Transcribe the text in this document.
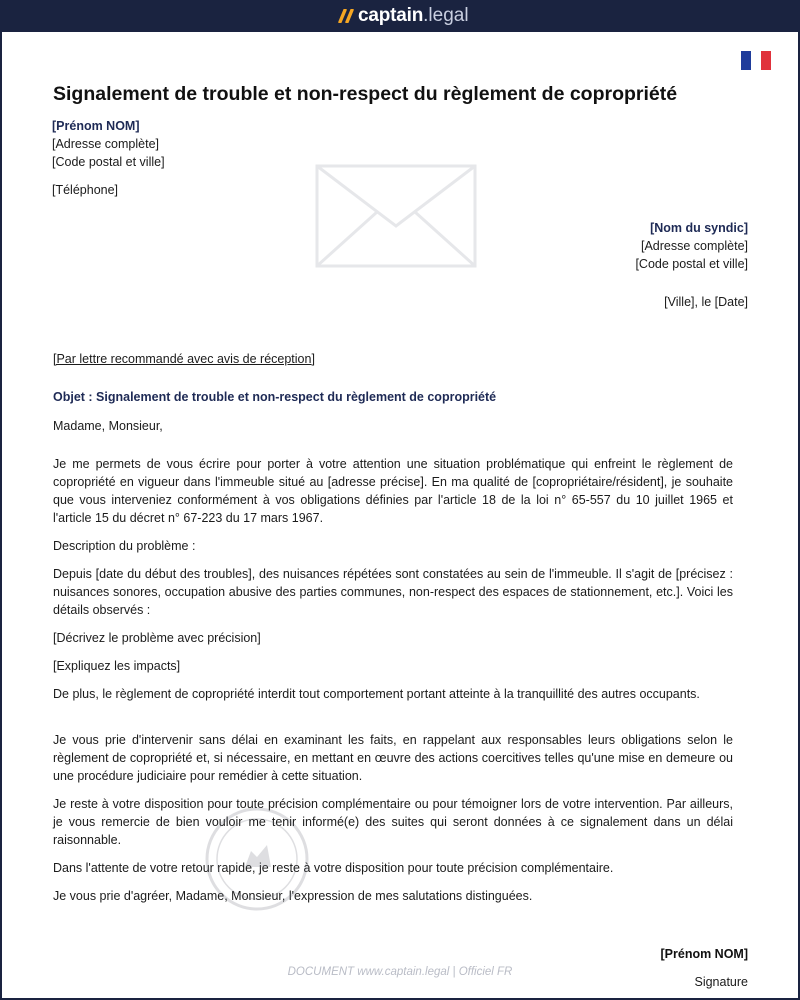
captain .legal
Signalement de trouble et non-respect du règlement de copropriété
[Prénom NOM]
[Adresse complète]
[Code postal et ville]
[Téléphone]
[Nom du syndic]
[Adresse complète]
[Code postal et ville]
[Ville], le [Date]
[Par lettre recommandé avec avis de réception]
Objet : Signalement de trouble et non-respect du règlement de copropriété
Madame, Monsieur,

Je me permets de vous écrire pour porter à votre attention une situation problématique qui enfreint le règlement de copropriété en vigueur dans l'immeuble situé au [adresse précise]. En ma qualité de [copropriétaire/résident], je souhaite que vous interveniez conformément à vos obligations définies par l'article 18 de la loi n° 65-557 du 10 juillet 1965 et l'article 15 du décret n° 67-223 du 17 mars 1967.

Description du problème :

Depuis [date du début des troubles], des nuisances répétées sont constatées au sein de l'immeuble. Il s'agit de [précisez : nuisances sonores, occupation abusive des parties communes, non-respect des espaces de stationnement, etc.]. Voici les détails observés :

[Décrivez le problème avec précision]

[Expliquez les impacts]

De plus, le règlement de copropriété interdit tout comportement portant atteinte à la tranquillité des autres occupants.

Je vous prie d'intervenir sans délai en examinant les faits, en rappelant aux responsables leurs obligations selon le règlement de copropriété et, si nécessaire, en mettant en œuvre des actions coercitives telles qu'une mise en demeure ou une procédure judiciaire pour remédier à cette situation.

Je reste à votre disposition pour toute précision complémentaire ou pour témoigner lors de votre intervention. Par ailleurs, je vous remercie de bien vouloir me tenir informé(e) des suites qui seront données à ce signalement dans un délai raisonnable.

Dans l'attente de votre retour rapide, je reste à votre disposition pour toute précision complémentaire.

Je vous prie d'agréer, Madame, Monsieur, l'expression de mes salutations distinguées.

[Prénom NOM]
Signature
DOCUMENT www.captain.legal | Officiel FR
